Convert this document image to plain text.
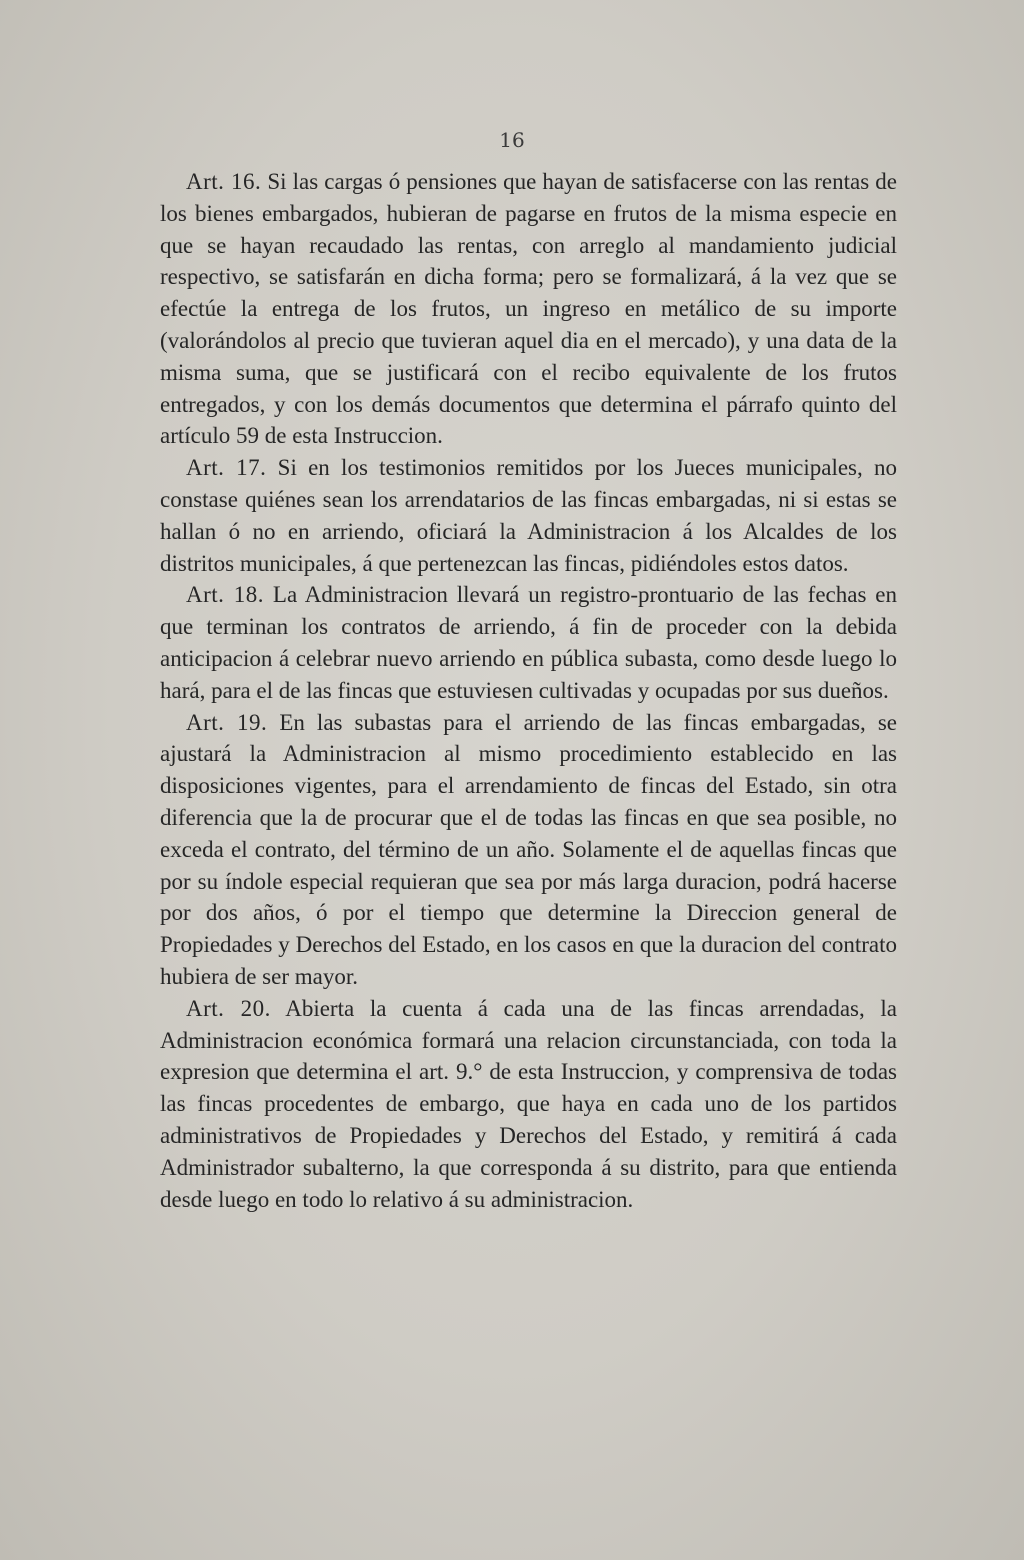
16

Art. 16. Si las cargas ó pensiones que hayan de satisfacerse con las rentas de los bienes embargados, hubieran de pagarse en frutos de la misma especie en que se hayan recaudado las rentas, con arreglo al mandamiento judicial respectivo, se satisfarán en dicha forma; pero se formalizará, á la vez que se efectúe la entrega de los frutos, un ingreso en metálico de su importe (valorándolos al precio que tuvieran aquel dia en el mercado), y una data de la misma suma, que se justificará con el recibo equivalente de los frutos entregados, y con los demás documentos que determina el párrafo quinto del artículo 59 de esta Instruccion.

Art. 17. Si en los testimonios remitidos por los Jueces municipales, no constase quiénes sean los arrendatarios de las fincas embargadas, ni si estas se hallan ó no en arriendo, oficiará la Administracion á los Alcaldes de los distritos municipales, á que pertenezcan las fincas, pidiéndoles estos datos.

Art. 18. La Administracion llevará un registro-prontuario de las fechas en que terminan los contratos de arriendo, á fin de proceder con la debida anticipacion á celebrar nuevo arriendo en pública subasta, como desde luego lo hará, para el de las fincas que estuviesen cultivadas y ocupadas por sus dueños.

Art. 19. En las subastas para el arriendo de las fincas embargadas, se ajustará la Administracion al mismo procedimiento establecido en las disposiciones vigentes, para el arrendamiento de fincas del Estado, sin otra diferencia que la de procurar que el de todas las fincas en que sea posible, no exceda el contrato, del término de un año. Solamente el de aquellas fincas que por su índole especial requieran que sea por más larga duracion, podrá hacerse por dos años, ó por el tiempo que determine la Direccion general de Propiedades y Derechos del Estado, en los casos en que la duracion del contrato hubiera de ser mayor.

Art. 20. Abierta la cuenta á cada una de las fincas arrendadas, la Administracion económica formará una relacion circunstanciada, con toda la expresion que determina el art. 9.° de esta Instruccion, y comprensiva de todas las fincas procedentes de embargo, que haya en cada uno de los partidos administrativos de Propiedades y Derechos del Estado, y remitirá á cada Administrador subalterno, la que corresponda á su distrito, para que entienda desde luego en todo lo relativo á su administracion.
